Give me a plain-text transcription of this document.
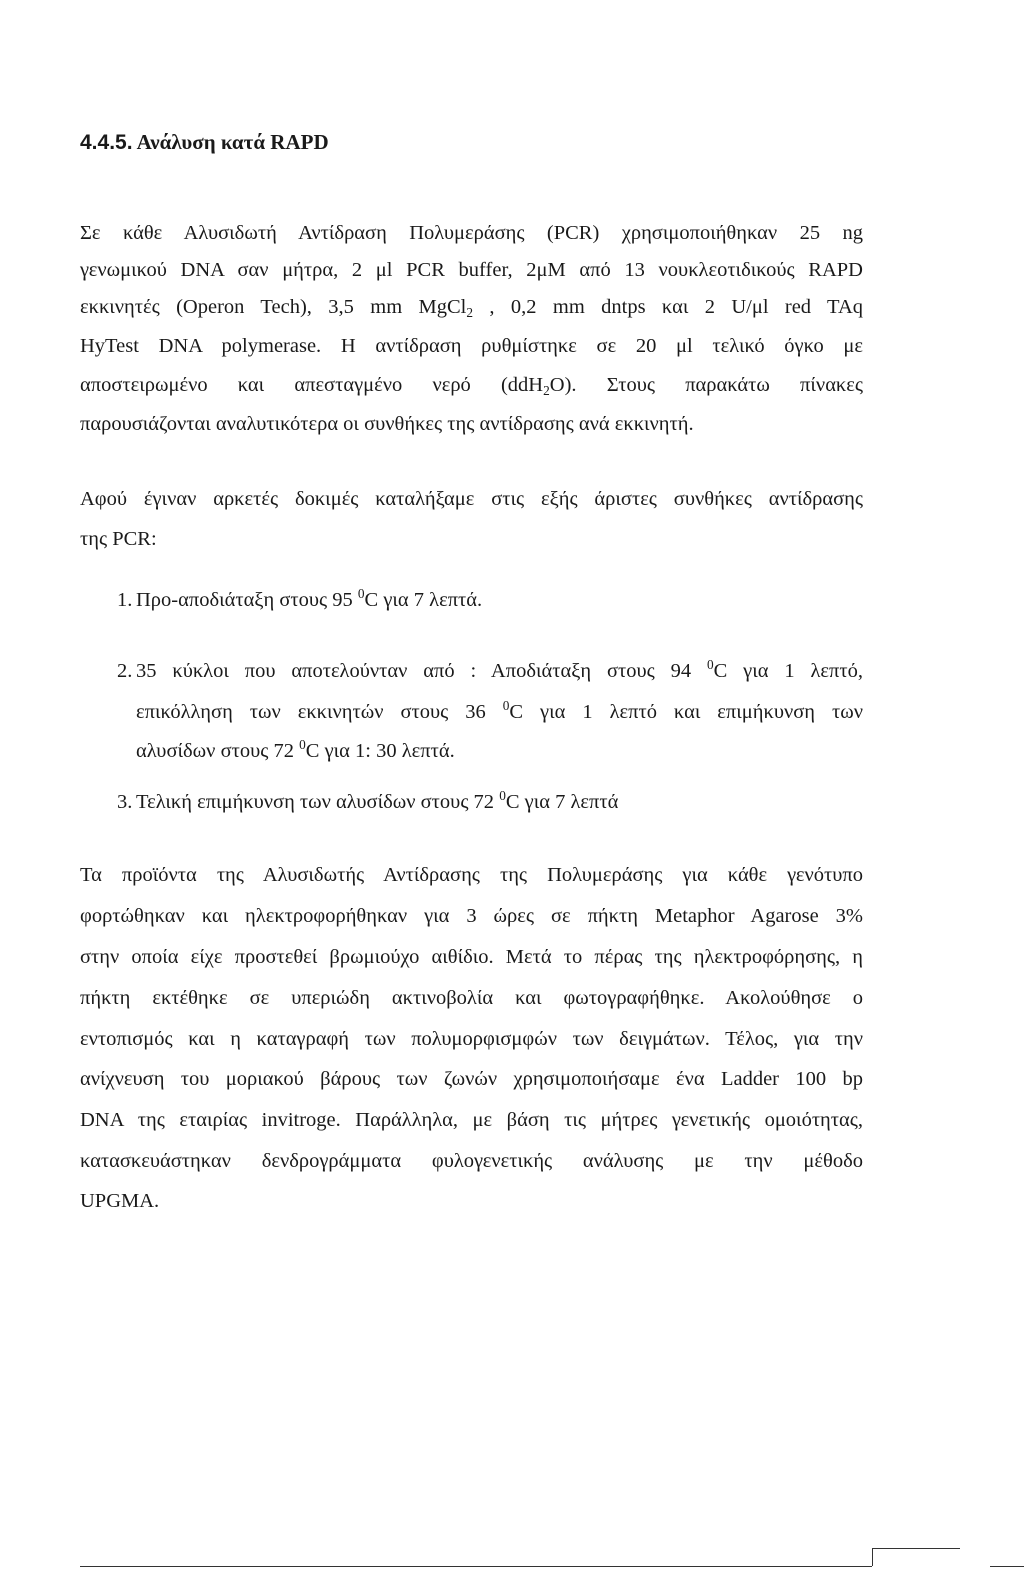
4.4.5. Ανάλυση κατά RAPD
Σε κάθε Αλυσιδωτή Αντίδραση Πολυμεράσης (PCR) χρησιμοποιήθηκαν 25 ng
γενωμικού DNA σαν μήτρα, 2 μl PCR buffer, 2μΜ από 13 νουκλεοτιδικούς RAPD
εκκινητές (Operon Tech), 3,5 mm MgCl$_2$ , 0,2 mm dntps και 2 U/μl red TAq
HyTest DNA polymerase. Η αντίδραση ρυθμίστηκε σε 20 μl τελικό όγκο με
αποστειρωμένο και απεσταγμένο νερό (ddH$_2$O). Στους παρακάτω πίνακες
παρουσιάζονται αναλυτικότερα οι συνθήκες της αντίδρασης ανά εκκινητή.
Αφού έγιναν αρκετές δοκιμές καταλήξαμε στις εξής άριστες συνθήκες αντίδρασης
της PCR:
1. Προ-αποδιάταξη στους 95 $^0$C για 7 λεπτά.
2. 35 κύκλοι που αποτελούνταν από : Αποδιάταξη στους 94 $^0$C για 1 λεπτό,
επικόλληση των εκκινητών στους 36 $^0$C για 1 λεπτό και επιμήκυνση των
αλυσίδων στους 72 $^0$C για 1: 30 λεπτά.
3. Τελική επιμήκυνση των αλυσίδων στους 72 $^0$C για 7 λεπτά
Τα προϊόντα της Αλυσιδωτής Αντίδρασης της Πολυμεράσης για κάθε γενότυπο
φορτώθηκαν και ηλεκτροφορήθηκαν για 3 ώρες σε πήκτη Metaphor Agarose 3%
στην οποία είχε προστεθεί βρωμιούχο αιθίδιο. Μετά το πέρας της ηλεκτροφόρησης, η
πήκτη εκτέθηκε σε υπεριώδη ακτινοβολία και φωτογραφήθηκε. Ακολούθησε ο
εντοπισμός και η καταγραφή των πολυμορφισμφών των δειγμάτων. Τέλος, για την
ανίχνευση του μοριακού βάρους των ζωνών χρησιμοποιήσαμε ένα Ladder 100 bp
DNA της εταιρίας invitroge. Παράλληλα, με βάση τις μήτρες γενετικής ομοιότητας,
κατασκευάστηκαν δενδρογράμματα φυλογενετικής ανάλυσης με την μέθοδο
UPGMA.
